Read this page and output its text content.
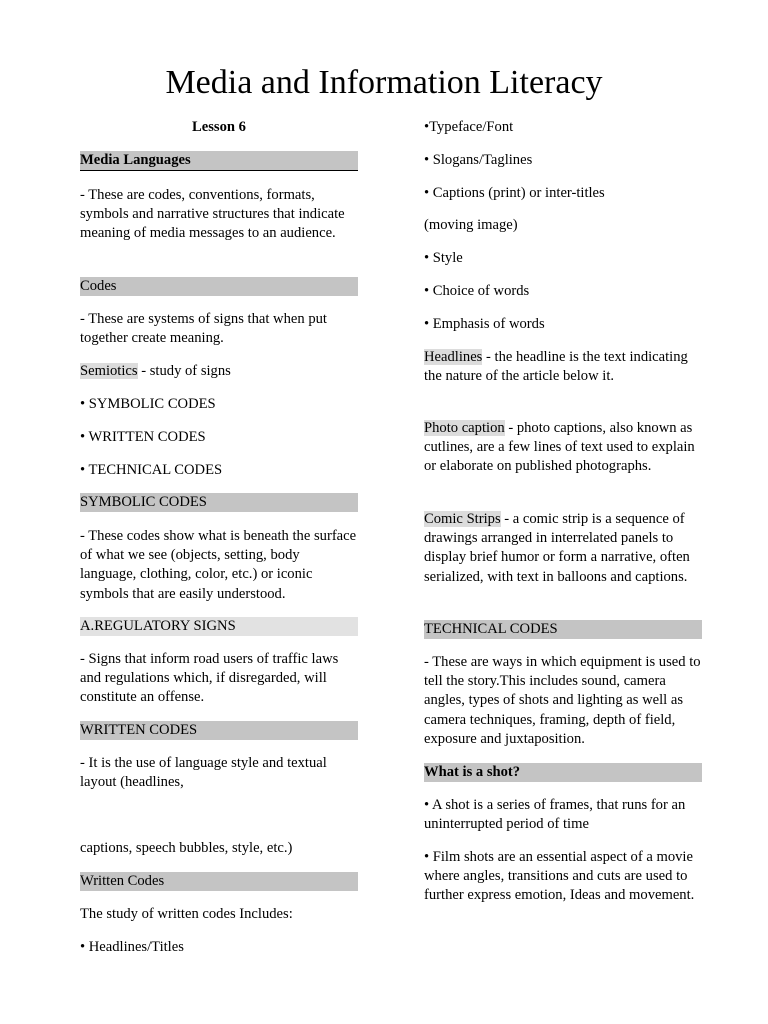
Media and Information Literacy
Lesson 6
Media Languages
- These are codes, conventions, formats, symbols and narrative structures that indicate meaning of media messages to an audience.
Codes
- These are systems of signs that when put together create meaning.
Semiotics - study of signs
• SYMBOLIC CODES
• WRITTEN CODES
• TECHNICAL CODES
SYMBOLIC CODES
- These codes show what is beneath the surface of what we see (objects, setting, body language, clothing, color, etc.) or iconic symbols that are easily understood.
A.REGULATORY SIGNS
- Signs that inform road users of traffic laws and regulations which, if disregarded, will constitute an offense.
WRITTEN CODES
- It is the use of language style and textual layout (headlines,
captions, speech bubbles, style, etc.)
Written Codes
The study of written codes Includes:
• Headlines/Titles
•Typeface/Font
• Slogans/Taglines
• Captions (print) or inter-titles
(moving image)
• Style
• Choice of words
• Emphasis of words
Headlines - the headline is the text indicating the nature of the article below it.
Photo caption - photo captions, also known as cutlines, are a few lines of text used to explain or elaborate on published photographs.
Comic Strips - a comic strip is a sequence of drawings arranged in interrelated panels to display brief humor or form a narrative, often serialized, with text in balloons and captions.
TECHNICAL CODES
- These are ways in which equipment is used to tell the story.This includes sound, camera angles, types of shots and lighting as well as camera techniques, framing, depth of field, exposure and juxtaposition.
What is a shot?
• A shot is a series of frames, that runs for an uninterrupted period of time
• Film shots are an essential aspect of a movie where angles, transitions and cuts are used to further express emotion, Ideas and movement.
